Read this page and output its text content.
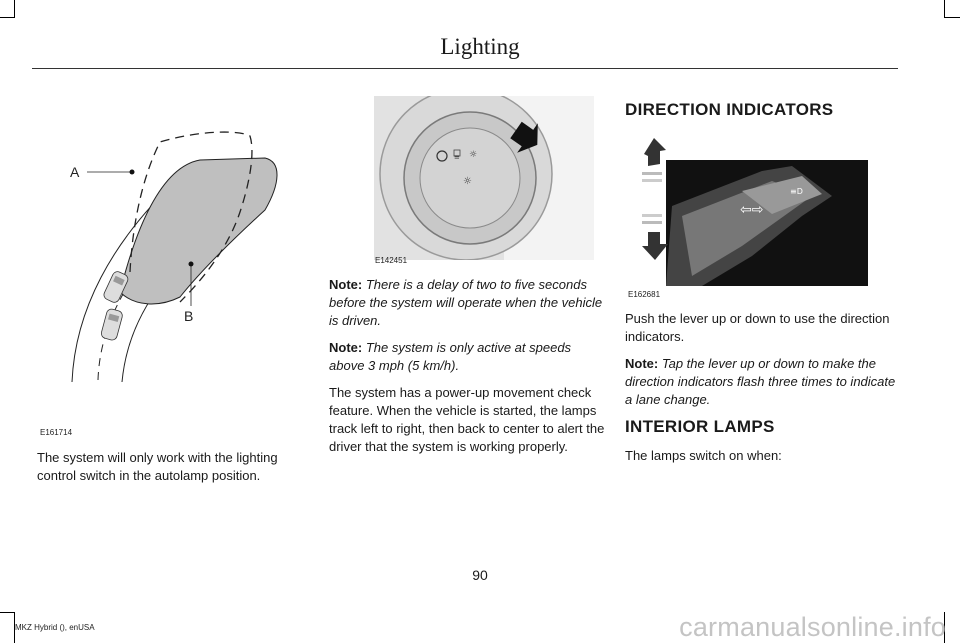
Lighting
A
B
E161714

The system will only work with the lighting control switch in the autolamp position.

≡ ☼
☼
E142451

Note: There is a delay of two to five seconds before the system will operate when the vehicle is driven.

Note: The system is only active at speeds above 3 mph (5 km/h).

The system has a power-up movement check feature. When the vehicle is started, the lamps track left to right, then back to center to alert the driver that the system is working properly.

DIRECTION INDICATORS
⇦⇨
≡D
E162681

Push the lever up or down to use the direction indicators.

Note: Tap the lever up or down to make the direction indicators flash three times to indicate a lane change.

INTERIOR LAMPS

The lamps switch on when:

90
MKZ Hybrid (), enUSA	carmanualsonline.info
